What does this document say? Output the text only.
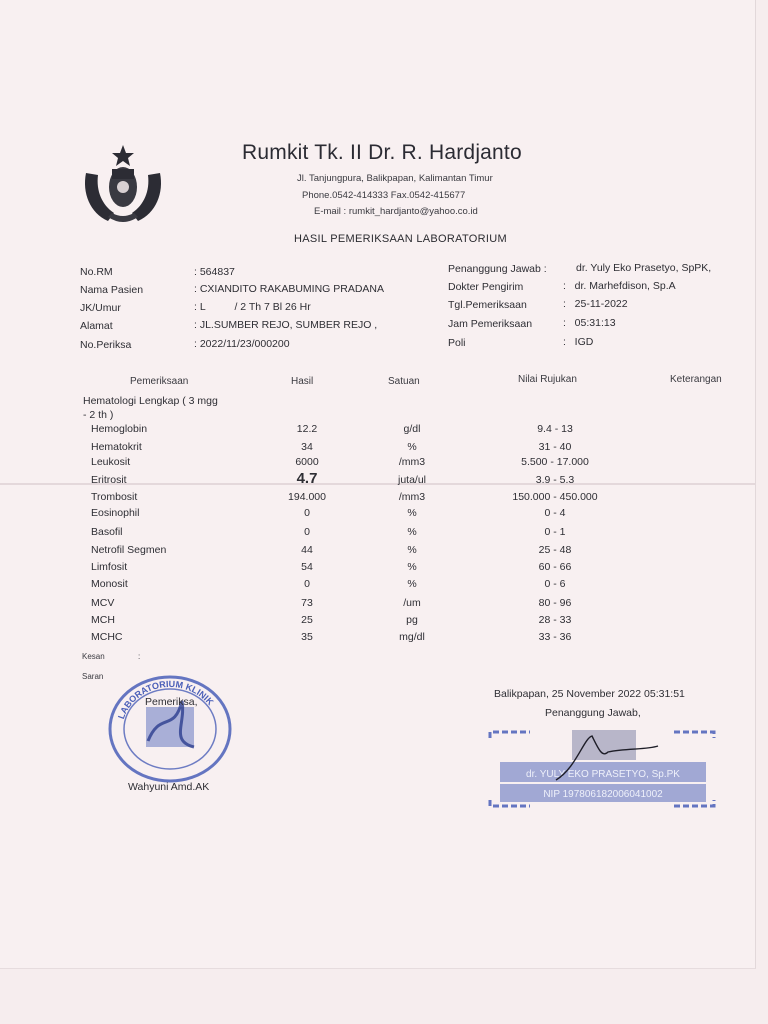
Rumkit Tk. II Dr. R. Hardjanto
Jl. Tanjungpura, Balikpapan, Kalimantan Timur
Phone.0542-414333 Fax.0542-415677
E-mail : rumkit_hardjanto@yahoo.co.id
HASIL PEMERIKSAAN LABORATORIUM
No.RM	: 564837
Nama Pasien	: CXIANDITO RAKABUMING PRADANA
JK/Umur	: L          / 2 Th 7 Bl 26 Hr
Alamat	: JL.SUMBER REJO, SUMBER REJO ,
No.Periksa	: 2022/11/23/000200
Penanggung Jawab :	dr. Yuly Eko Prasetyo, SpPK,
Dokter Pengirim	:   dr. Marhefdison, Sp.A
Tgl.Pemeriksaan	:   25-11-2022
Jam Pemeriksaan	:   05:31:13
Poli	:   IGD
Pemeriksaan	Hasil	Satuan	Nilai Rujukan	Keterangan
Hematologi Lengkap ( 3 mgg
- 2 th )
Hemoglobin	12.2	g/dl	9.4 - 13
Hematokrit	34	%	31 - 40
Leukosit	6000	/mm3	5.500 - 17.000
Eritrosit	4.7	juta/ul	3.9 - 5.3
Trombosit	194.000	/mm3	150.000 - 450.000
Eosinophil	0	%	0 - 4
Basofil	0	%	0 - 1
Netrofil Segmen	44	%	25 - 48
Limfosit	54	%	60 - 66
Monosit	0	%	0 - 6
MCV	73	/um	80 - 96
MCH	25	pg	28 - 33
MCHC	35	mg/dl	33 - 36
Kesan	:
Saran
Balikpapan, 25 November 2022 05:31:51
Penanggung Jawab,
LABORATORIUM KLINIK
Pemeriksa,
Wahyuni Amd.AK
dr. YULY EKO PRASETYO, Sp.PK
NIP 197806182006041002
